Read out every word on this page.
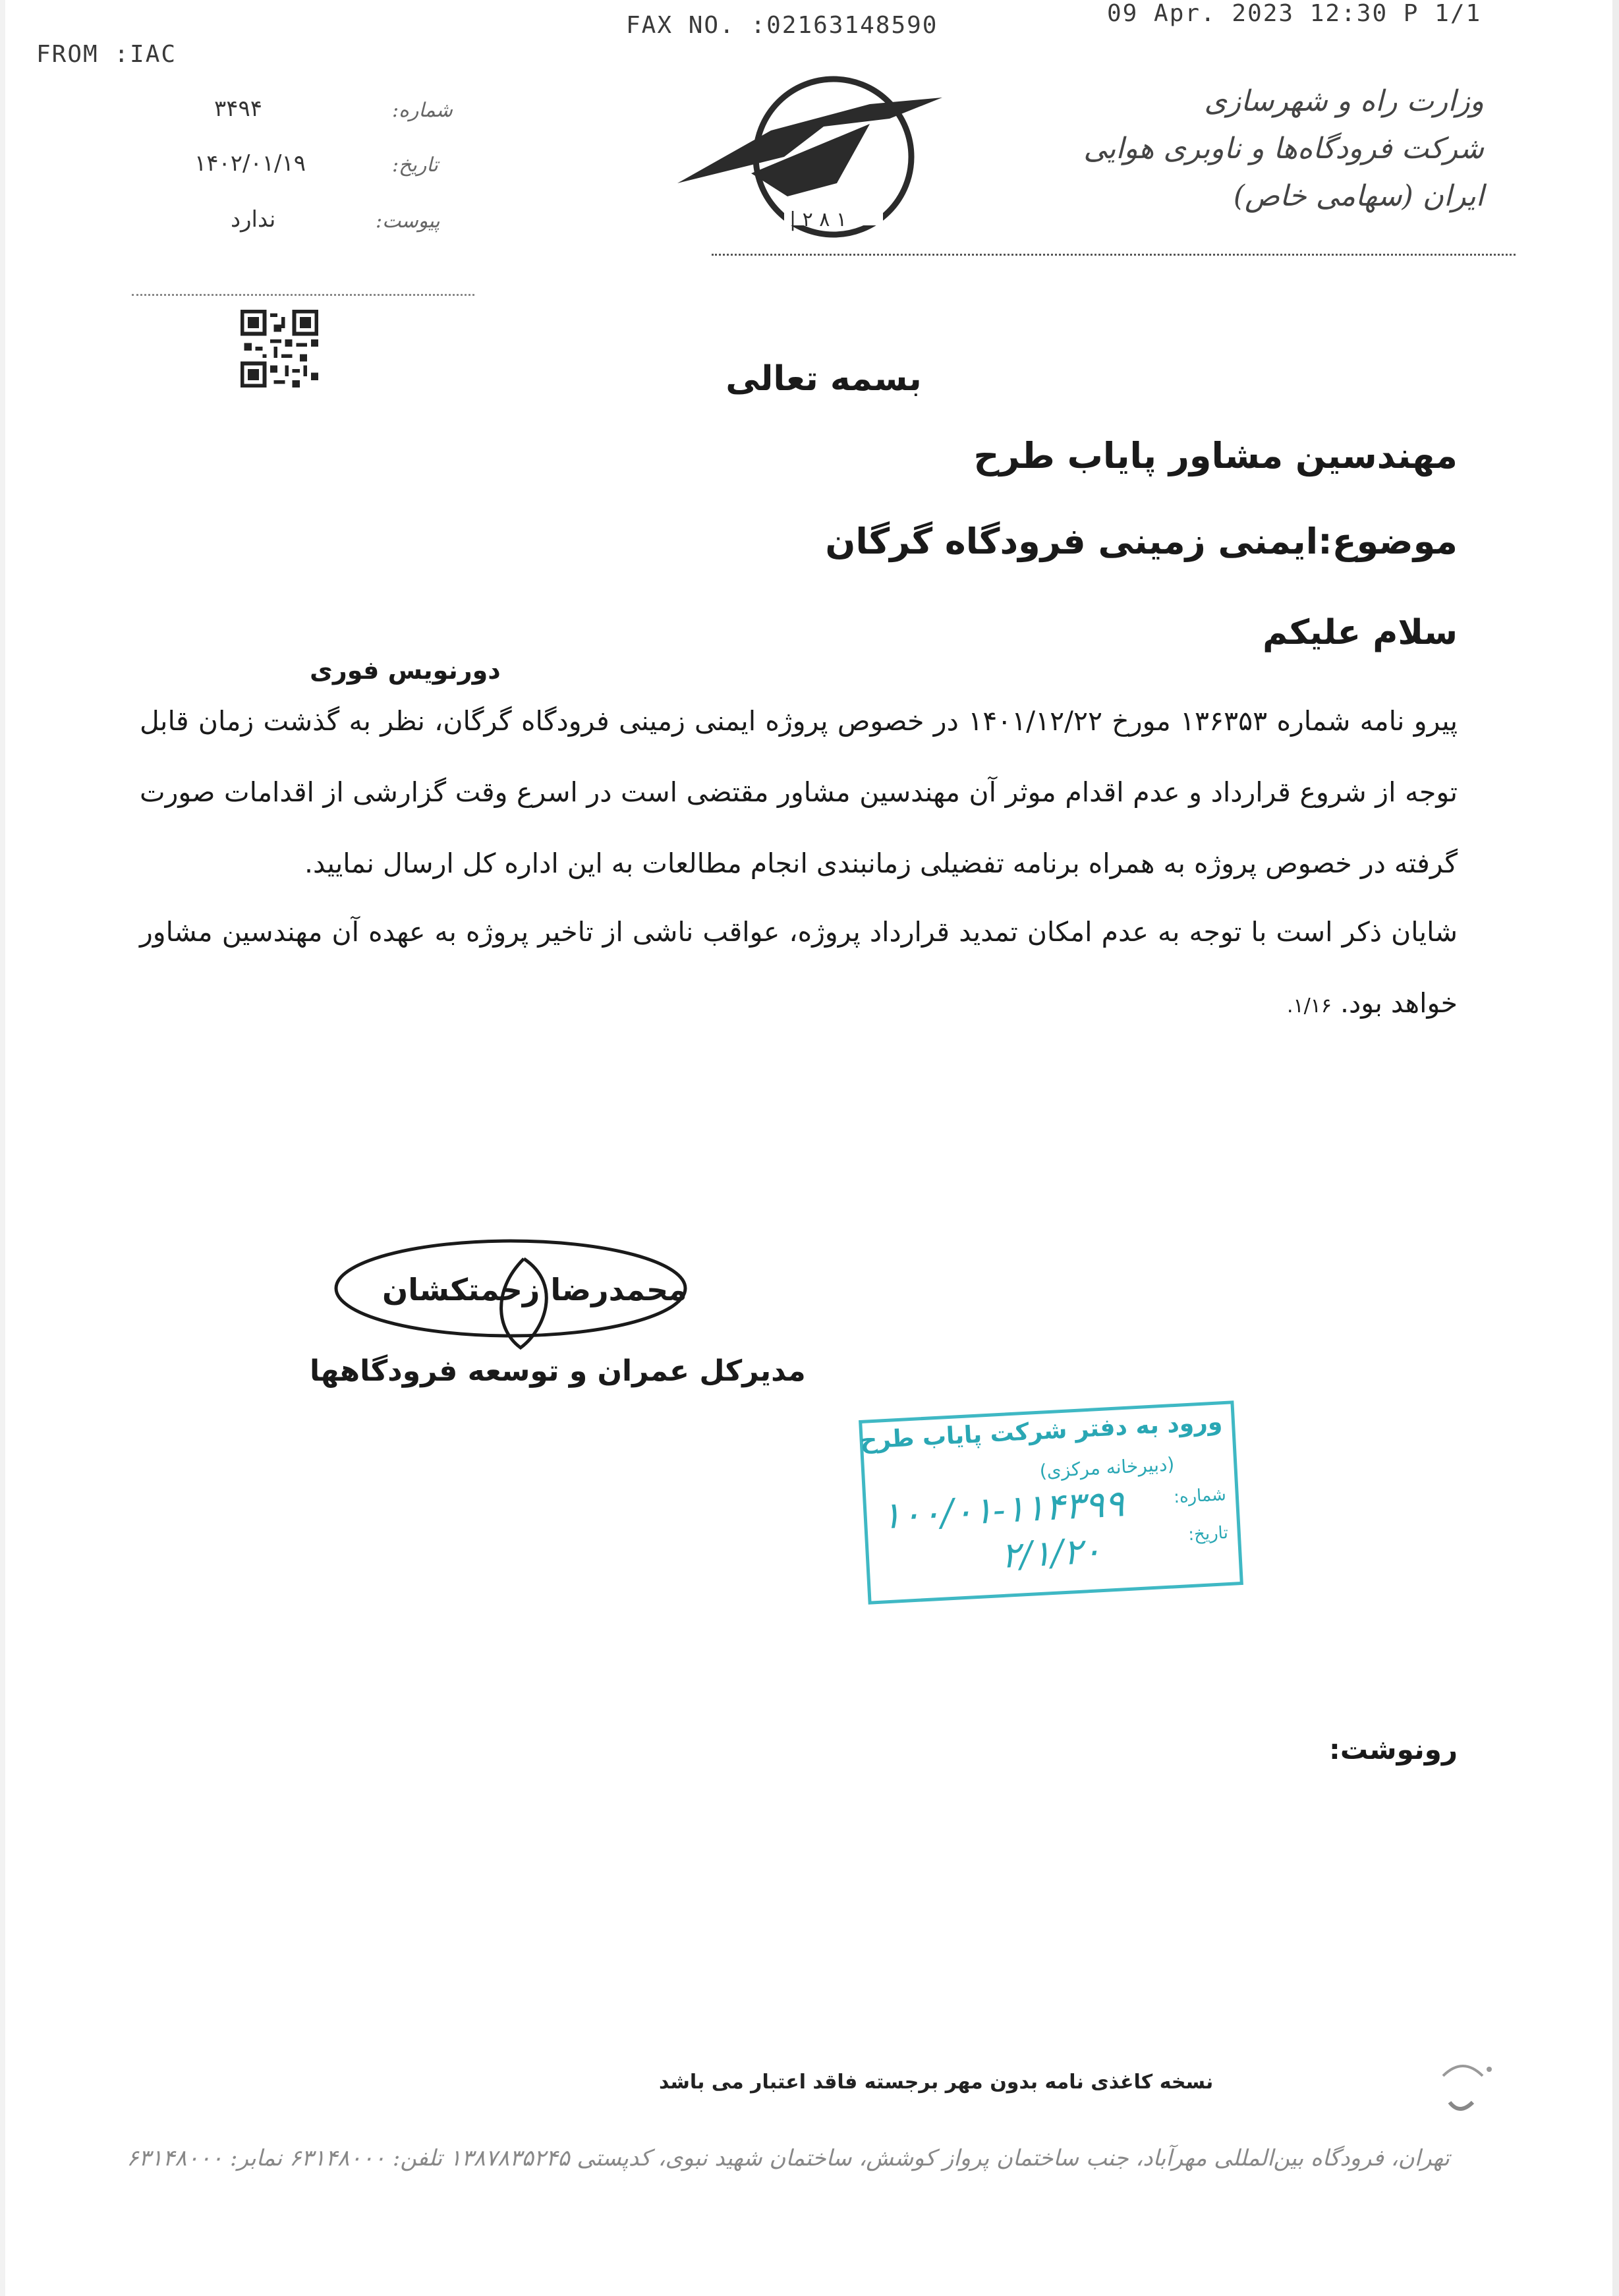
FROM :IAC
FAX NO. :02163148590	09 Apr. 2023 12:30 P 1/1
| ۲ ۸ ۱
وزارت راه و شهرسازی
شرکت فرودگاه‌ها و ناوبری هوایی ایران (سهامی خاص)
شماره:
۳۴۹۴
تاریخ:
۱۴۰۲/۰۱/۱۹
پیوست:
ندارد
بسمه تعالی
مهندسین مشاور پایاب طرح
موضوع:ایمنی زمینی فرودگاه گرگان
سلام علیکم
دورنویس فوری
پیرو نامه شماره ۱۳۶۳۵۳ مورخ ۱۴۰۱/۱۲/۲۲ در خصوص پروژه ایمنی زمینی فرودگاه گرگان، نظر به گذشت زمان قابل توجه از شروع قرارداد و عدم اقدام موثر آن مهندسین مشاور مقتضی است در اسرع وقت گزارشی از اقدامات صورت گرفته در خصوص پروژه به همراه برنامه تفضیلی زمانبندی انجام مطالعات به این اداره کل ارسال نمایید.
شایان ذکر است با توجه به عدم امکان تمدید قرارداد پروژه، عواقب ناشی از تاخیر پروژه به عهده آن مهندسین مشاور خواهد بود. ۱/۱۶.
محمدرضا زحمتکشان
مدیرکل عمران و توسعه فرودگاهها
ورود به دفتر شرکت پایاب طرح
(دبیرخانه مرکزی)
شماره:
تاریخ:
۱۰۰/۰۱-۱۱۴۳۹۹
۲/۱/۲۰
رونوشت:
نسخه کاغذی نامه بدون مهر برجسته فاقد اعتبار می باشد
تهران، فرودگاه بین‌المللی مهرآباد، جنب ساختمان پرواز کوشش، ساختمان شهید نبوی، کدپستی ۱۳۸۷۸۳۵۲۴۵ تلفن: ۶۳۱۴۸۰۰۰ نمابر: ۶۳۱۴۸۰۰۰
